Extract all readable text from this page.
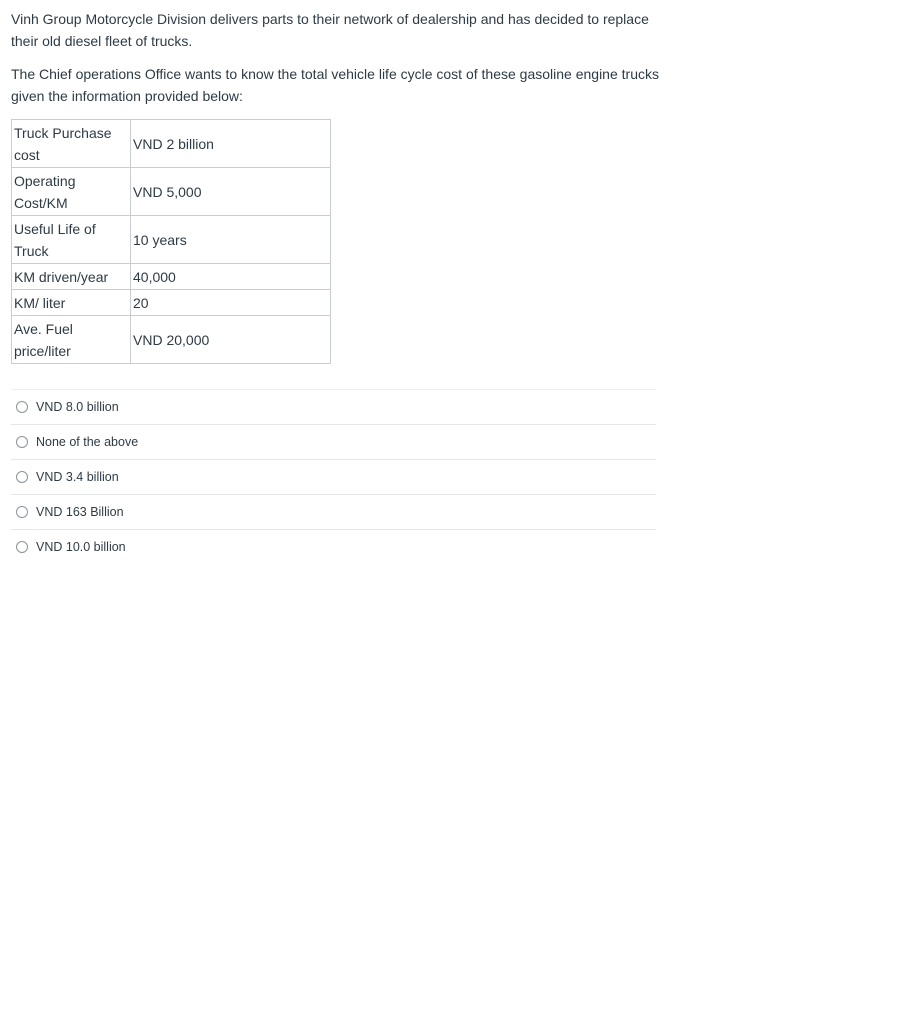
Vinh Group Motorcycle Division delivers parts to their network of dealership and has decided to replace their old diesel fleet of trucks.

The Chief operations Office wants to know the total vehicle life cycle cost of these gasoline engine trucks given the information provided below:

Truck Purchase cost	VND 2 billion
Operating Cost/KM	VND 5,000
Useful Life of Truck	10 years
KM driven/year	40,000
KM/ liter	20
Ave. Fuel price/liter	VND 20,000
VND 8.0 billion
None of the above
VND 3.4 billion
VND 163 Billion
VND 10.0 billion
